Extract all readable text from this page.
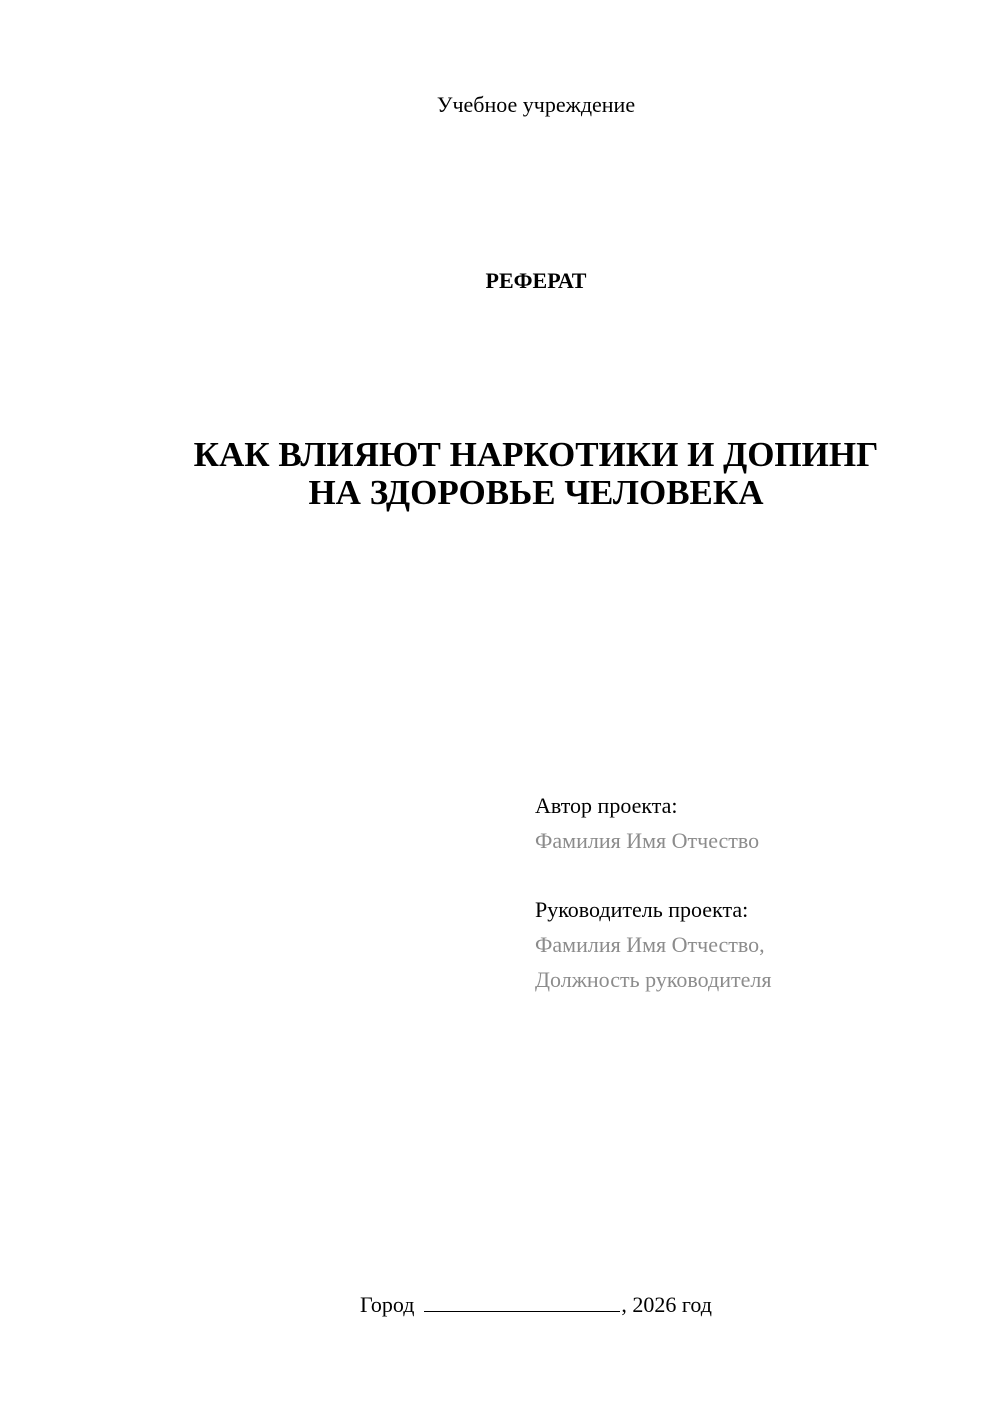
Учебное учреждение
РЕФЕРАТ
КАК ВЛИЯЮТ НАРКОТИКИ И ДОПИНГ
НА ЗДОРОВЬЕ ЧЕЛОВЕКА
Автор проекта:
Фамилия Имя Отчество
Руководитель проекта:
Фамилия Имя Отчество,
Должность руководителя
Город	, 2026 год
